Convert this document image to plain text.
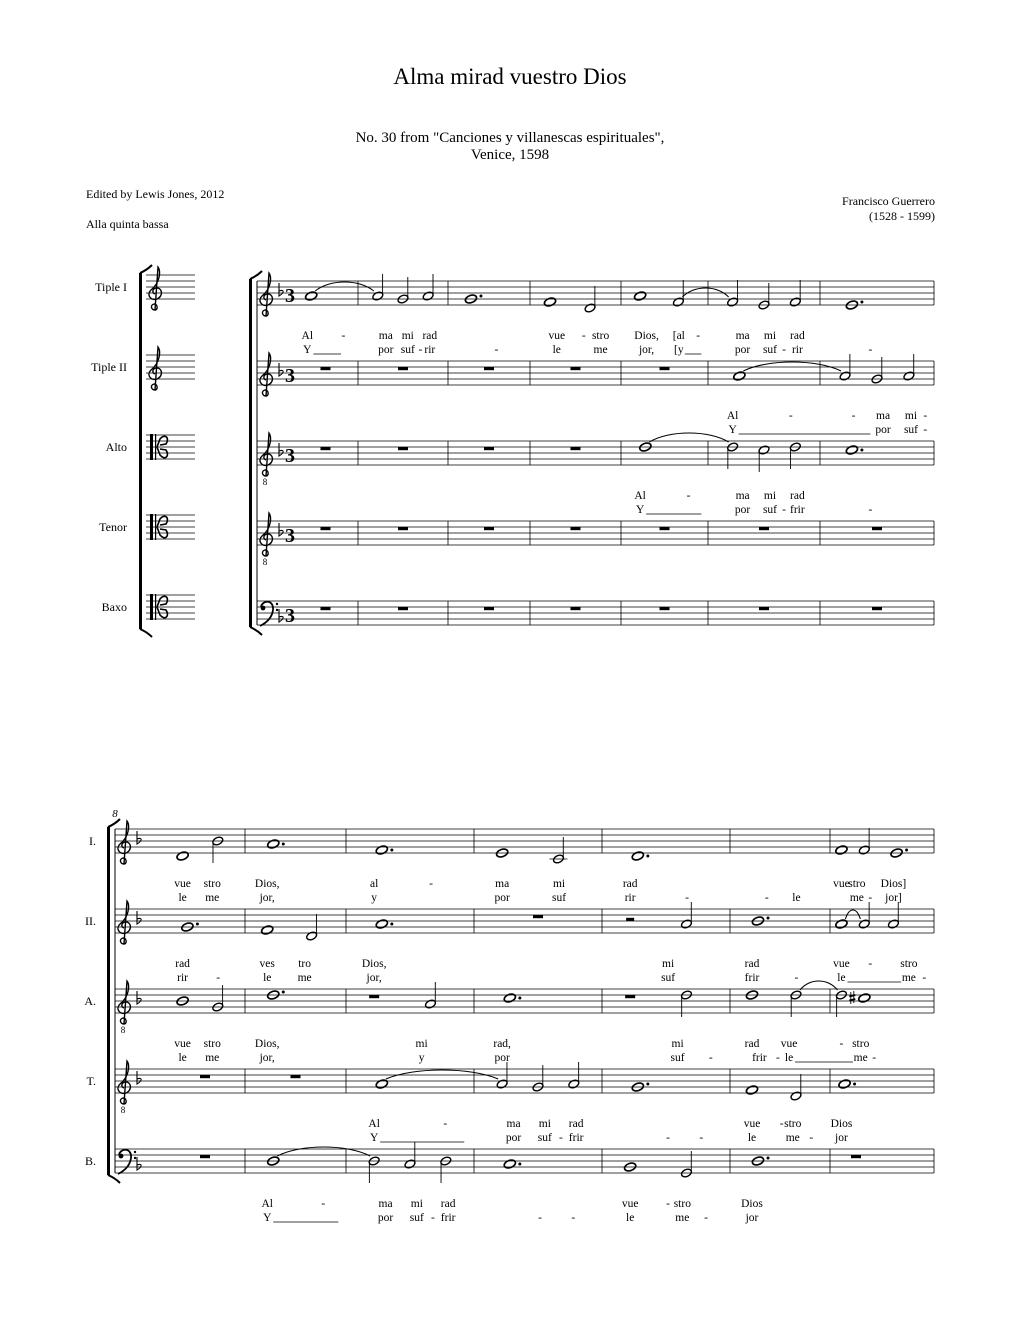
Alma mirad vuestro Dios
No. 30 from "Canciones y villanescas espirituales",
Venice, 1598
Edited by Lewis Jones, 2012
Alla quinta bassa
Francisco Guerrero
(1528 - 1599)
Tiple I
Tiple II
Alto
Tenor
Baxo
3
Al -	ma mi rad	vue - stro Dios, [al -	ma mi rad
Y	por suf - rir	-	le	me	jor, [y	por suf - rir	-
3
Al	-	- ma mi -
Y	por suf -
8
3
Al	-	ma mi rad
Y	por suf - frir	-
8
3
3
I.
vue stro	Dios,	al	-	ma	mi	rad	vue
stro Dios]
le me	jor,	y	por	suf	rir	-	- le	me - jor]
II.
rad	ves tro	Dios,	mi	rad	vue - stro
rir -	le me	jor,	suf	frir	-	le	me -
8
A.
vue stro	Dios,	mi	rad,	mi	rad vue	- stro
le me	jor,	y	por	suf -	frir - le	me -
8
T.
Al	-	ma mi rad	vue - stro	Dios
Y	por suf - frir	-	-	le	me - jor
B.
Al	-	ma mi rad	vue - stro	Dios
Y	por suf - frir	-	-	le	me -	jor
8
